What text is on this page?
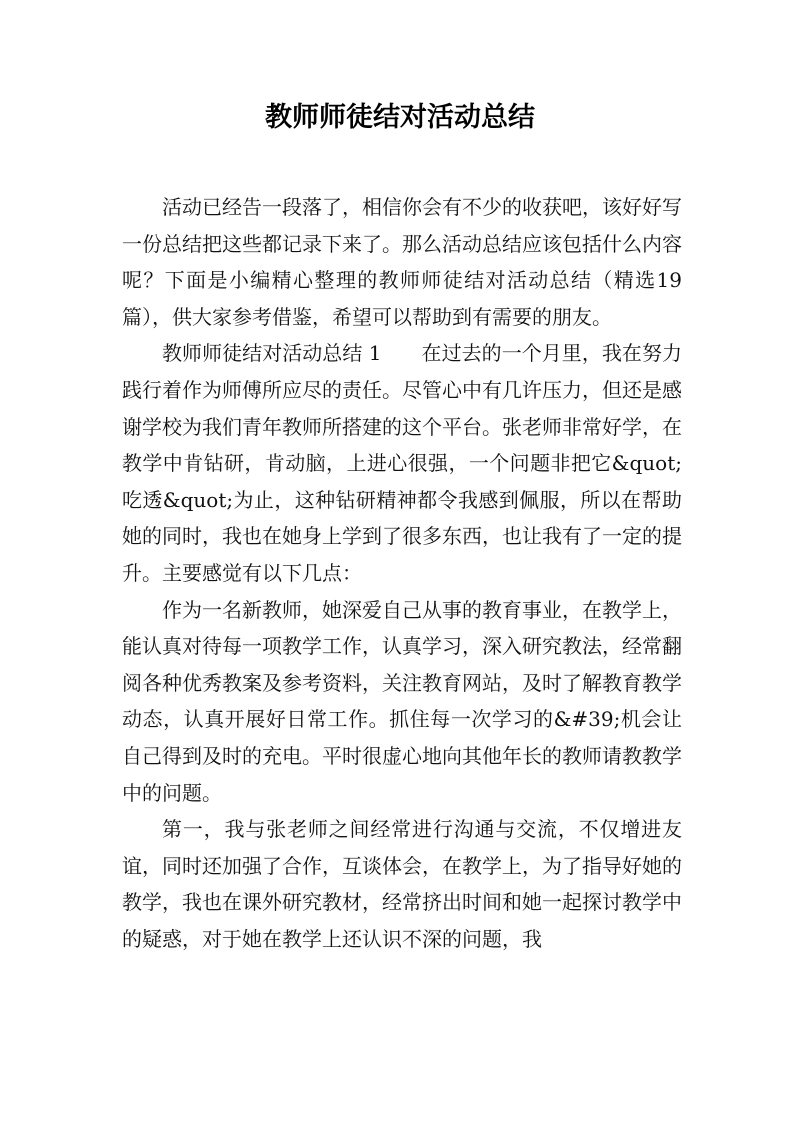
教师师徒结对活动总结

活动已经告一段落了，相信你会有不少的收获吧，该好好写一份总结把这些都记录下来了。那么活动总结应该包括什么内容呢？下面是小编精心整理的教师师徒结对活动总结（精选19篇），供大家参考借鉴，希望可以帮助到有需要的朋友。

教师师徒结对活动总结 1 在过去的一个月里，我在努力践行着作为师傅所应尽的责任。尽管心中有几许压力，但还是感谢学校为我们青年教师所搭建的这个平台。张老师非常好学，在教学中肯钻研，肯动脑，上进心很强，一个问题非把它&quot;吃透&quot;为止，这种钻研精神都令我感到佩服，所以在帮助她的同时，我也在她身上学到了很多东西，也让我有了一定的提升。主要感觉有以下几点：

作为一名新教师，她深爱自己从事的教育事业，在教学上，能认真对待每一项教学工作，认真学习，深入研究教法，经常翻阅各种优秀教案及参考资料，关注教育网站，及时了解教育教学动态，认真开展好日常工作。抓住每一次学习的&#39;机会让自己得到及时的充电。平时很虚心地向其他年长的教师请教教学中的问题。

第一，我与张老师之间经常进行沟通与交流，不仅增进友谊，同时还加强了合作，互谈体会，在教学上，为了指导好她的教学，我也在课外研究教材，经常挤出时间和她一起探讨教学中的疑惑，对于她在教学上还认识不深的问题，我
